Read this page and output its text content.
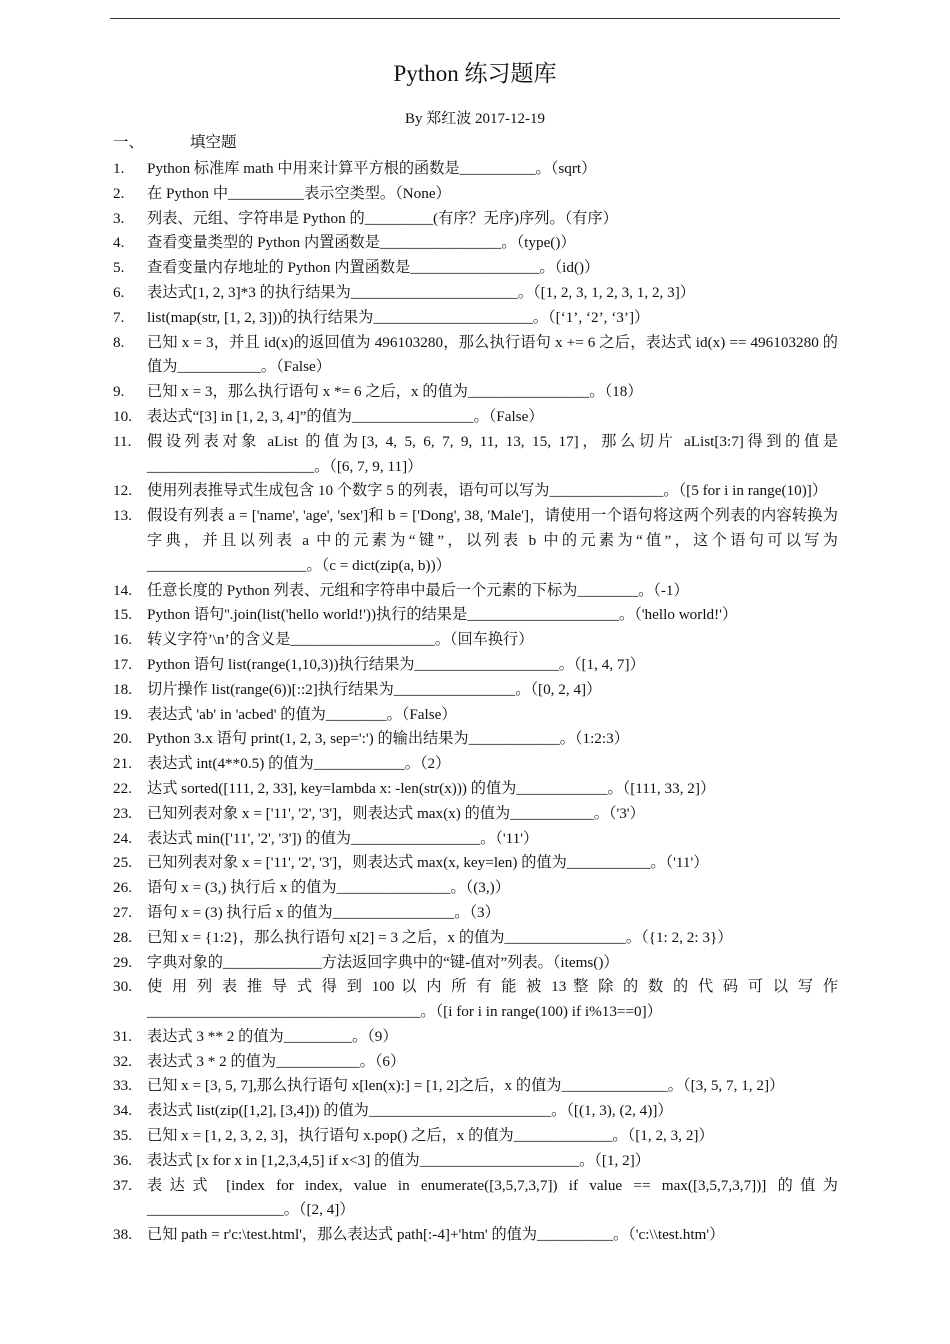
Python 练习题库
By 郑红波 2017-12-19
一、	填空题
1. Python 标准库 math 中用来计算平方根的函数是__________。（sqrt）
2. 在 Python 中__________表示空类型。（None）
3. 列表、元组、字符串是 Python 的_________(有序？无序)序列。（有序）
4. 查看变量类型的 Python 内置函数是________________。（type()）
5. 查看变量内存地址的 Python 内置函数是_________________。（id()）
6. 表达式[1, 2, 3]*3 的执行结果为______________________。（[1, 2, 3, 1, 2, 3, 1, 2, 3]）
7. list(map(str, [1, 2, 3]))的执行结果为_____________________。（[‘1’, ‘2’, ‘3’]）
8. 已知 x = 3，并且 id(x)的返回值为 496103280，那么执行语句 x += 6 之后，表达式 id(x) == 496103280 的值为___________。（False）
9. 已知 x = 3，那么执行语句 x *= 6 之后，x 的值为________________。（18）
10. 表达式“[3] in [1, 2, 3, 4]”的值为________________。（False）
11. 假设列表对象 aList 的值为[3, 4, 5, 6, 7, 9, 11, 13, 15, 17]，那么切片 aList[3:7]得到的值是______________________。（[6, 7, 9, 11]）
12. 使用列表推导式生成包含 10 个数字 5 的列表，语句可以写为_______________。（[5 for i in range(10)]）
13. 假设有列表 a = ['name', 'age', 'sex']和 b = ['Dong', 38, 'Male']，请使用一个语句将这两个列表的内容转换为字典，并且以列表 a 中的元素为“键”，以列表 b 中的元素为“值”，这个语句可以写为_____________________。（c = dict(zip(a, b))）
14. 任意长度的 Python 列表、元组和字符串中最后一个元素的下标为________。（-1）
15. Python 语句''.join(list('hello world!'))执行的结果是____________________。（'hello world!'）
16. 转义字符’\n’的含义是___________________。（回车换行）
17. Python 语句 list(range(1,10,3))执行结果为___________________。（[1, 4, 7]）
18. 切片操作 list(range(6))[::2]执行结果为________________。（[0, 2, 4]）
19. 表达式 'ab' in 'acbed' 的值为________。（False）
20. Python 3.x 语句 print(1, 2, 3, sep=':') 的输出结果为____________。（1:2:3）
21. 表达式 int(4**0.5) 的值为____________。（2）
22. 达式 sorted([111, 2, 33], key=lambda x: -len(str(x))) 的值为____________。（[111, 33, 2]）
23. 已知列表对象 x = ['11', '2', '3']，则表达式 max(x) 的值为___________。（'3'）
24. 表达式 min(['11', '2', '3']) 的值为_________________。（'11'）
25. 已知列表对象 x = ['11', '2', '3']，则表达式 max(x, key=len) 的值为___________。（'11'）
26. 语句 x = (3,) 执行后 x 的值为_______________。（(3,)）
27. 语句 x = (3) 执行后 x 的值为________________。（3）
28. 已知 x = {1:2}，那么执行语句 x[2] = 3 之后，x 的值为________________。（{1: 2, 2: 3}）
29. 字典对象的_____________方法返回字典中的“键-值对”列表。（items()）
30. 使 用 列 表 推 导 式 得 到 100 以 内 所 有 能 被 13 整 除 的 数 的 代 码 可 以 写 作 ____________________________________。（[i for i in range(100) if i%13==0]）
31. 表达式 3 ** 2 的值为_________。（9）
32. 表达式 3 * 2 的值为___________。（6）
33. 已知 x = [3, 5, 7],那么执行语句 x[len(x):] = [1, 2]之后，x 的值为______________。（[3, 5, 7, 1, 2]）
34. 表达式 list(zip([1,2], [3,4])) 的值为________________________。（[(1, 3), (2, 4)]）
35. 已知 x = [1, 2, 3, 2, 3]，执行语句 x.pop() 之后，x 的值为_____________。（[1, 2, 3, 2]）
36. 表达式 [x for x in [1,2,3,4,5] if x<3] 的值为_____________________。（[1, 2]）
37. 表达式 [index for index, value in enumerate([3,5,7,3,7]) if value == max([3,5,7,3,7])] 的值为__________________。（[2, 4]）
38. 已知 path = r'c:\test.html'，那么表达式 path[:-4]+'htm' 的值为__________。（'c:\\test.htm'）
